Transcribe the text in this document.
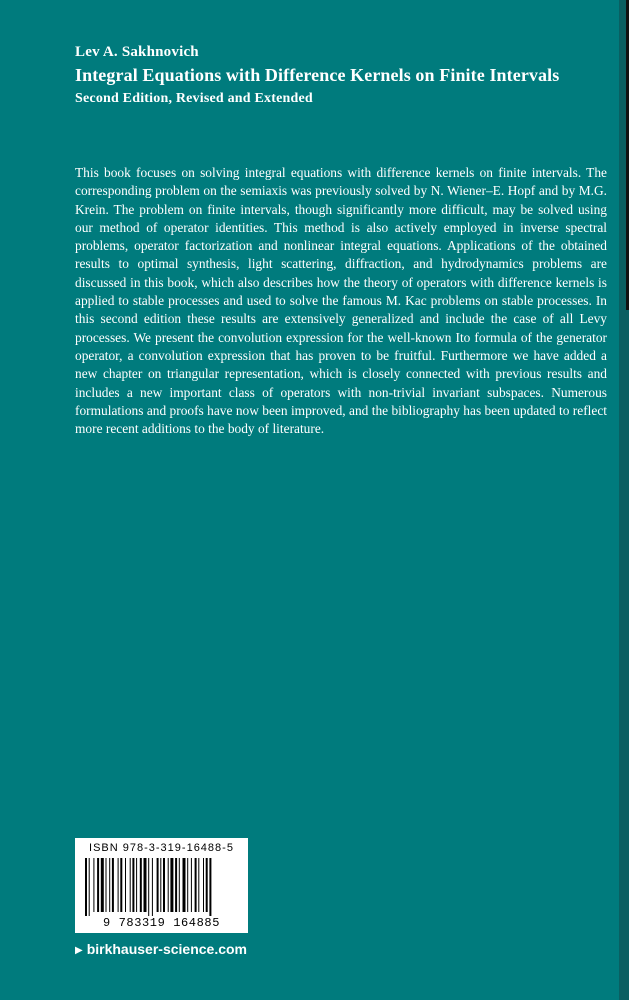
Lev A. Sakhnovich
Integral Equations with Difference Kernels on Finite Intervals
Second Edition, Revised and Extended
This book focuses on solving integral equations with difference kernels on finite intervals. The corresponding problem on the semiaxis was previously solved by N. Wiener–E. Hopf and by M.G. Krein. The problem on finite intervals, though significantly more difficult, may be solved using our method of operator identities. This method is also actively employed in inverse spectral problems, operator factorization and nonlinear integral equations. Applications of the obtained results to optimal synthesis, light scattering, diffraction, and hydrodynamics problems are discussed in this book, which also describes how the theory of operators with difference kernels is applied to stable processes and used to solve the famous M. Kac problems on stable processes. In this second edition these results are extensively generalized and include the case of all Levy processes. We present the convolution expression for the well-known Ito formula of the generator operator, a convolution expression that has proven to be fruitful. Furthermore we have added a new chapter on triangular representation, which is closely connected with previous results and includes a new important class of operators with non-trivial invariant subspaces. Numerous formulations and proofs have now been improved, and the bibliography has been updated to reflect more recent additions to the body of literature.
ISBN 978-3-319-16488-5
9 783319 164885
▶ birkhauser-science.com
